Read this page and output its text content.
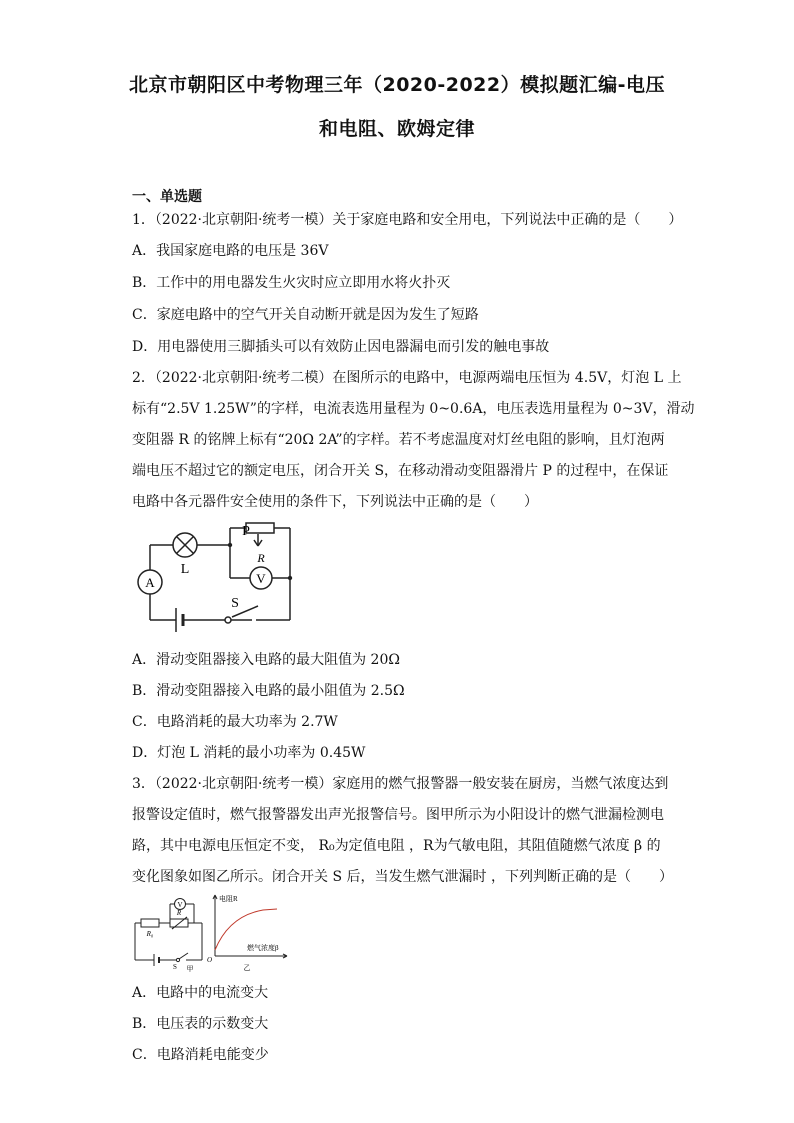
北京市朝阳区中考物理三年（2020-2022）模拟题汇编-电压
和电阻、欧姆定律
一、单选题
1．（2022·北京朝阳·统考一模）关于家庭电路和安全用电，下列说法中正确的是（　　）
A．我国家庭电路的电压是 36V
B．工作中的用电器发生火灾时应立即用水将火扑灭
C．家庭电路中的空气开关自动断开就是因为发生了短路
D．用电器使用三脚插头可以有效防止因电器漏电而引发的触电事故
2．（2022·北京朝阳·统考二模）在图所示的电路中，电源两端电压恒为 4.5V，灯泡 L 上
标有“2.5V 1.25W”的字样，电流表选用量程为 0~0.6A，电压表选用量程为 0~3V，滑动
变阻器 R 的铭牌上标有“20Ω 2A”的字样。若不考虑温度对灯丝电阻的影响，且灯泡两
端电压不超过它的额定电压，闭合开关 S，在移动滑动变阻器滑片 P 的过程中，在保证
电路中各元器件安全使用的条件下，下列说法中正确的是（　　）
P
R
L
A	V
S
A．滑动变阻器接入电路的最大阻值为 20Ω
B．滑动变阻器接入电路的最小阻值为 2.5Ω
C．电路消耗的最大功率为 2.7W
D．灯泡 L 消耗的最小功率为 0.45W
3．（2022·北京朝阳·统考一模）家庭用的燃气报警器一般安装在厨房，当燃气浓度达到
报警设定值时，燃气报警器发出声光报警信号。图甲所示为小阳设计的燃气泄漏检测电
路，其中电源电压恒定不变， R₀为定值电阻 ，R为气敏电阻，其阻值随燃气浓度 β 的
变化图象如图乙所示。闭合开关 S 后，当发生燃气泄漏时 ，下列判断正确的是（　　）
V
R
R₀
S 甲
电阻R
燃气浓度β
O
乙
A．电路中的电流变大
B．电压表的示数变大
C．电路消耗电能变少
